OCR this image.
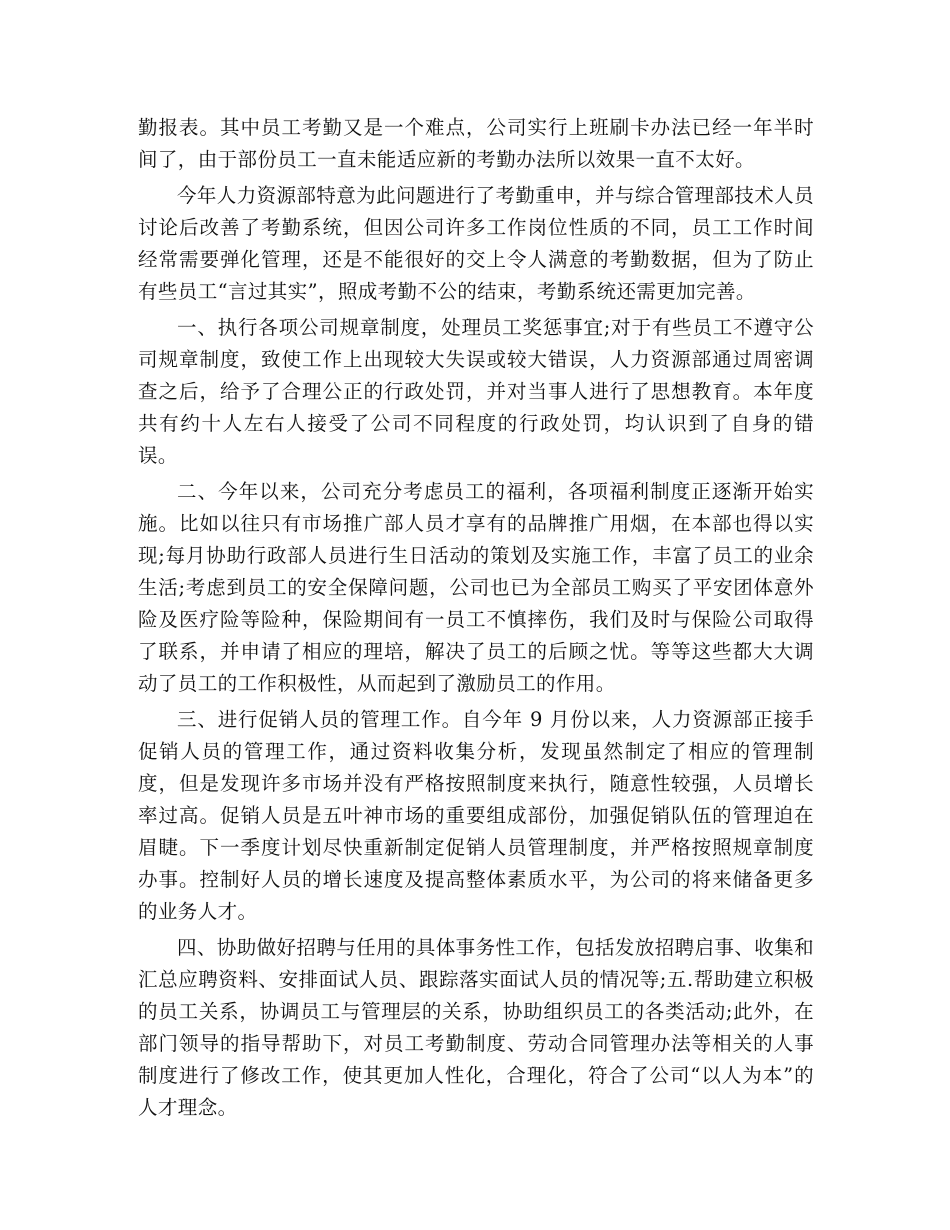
勤报表。其中员工考勤又是一个难点，公司实行上班刷卡办法已经一年半时间了，由于部份员工一直未能适应新的考勤办法所以效果一直不太好。

今年人力资源部特意为此问题进行了考勤重申，并与综合管理部技术人员讨论后改善了考勤系统，但因公司许多工作岗位性质的不同，员工工作时间经常需要弹化管理，还是不能很好的交上令人满意的考勤数据，但为了防止有些员工“言过其实”，照成考勤不公的结束，考勤系统还需更加完善。

一、执行各项公司规章制度，处理员工奖惩事宜;对于有些员工不遵守公司规章制度，致使工作上出现较大失误或较大错误，人力资源部通过周密调查之后，给予了合理公正的行政处罚，并对当事人进行了思想教育。本年度共有约十人左右人接受了公司不同程度的行政处罚，均认识到了自身的错误。

二、今年以来，公司充分考虑员工的福利，各项福利制度正逐渐开始实施。比如以往只有市场推广部人员才享有的品牌推广用烟，在本部也得以实现;每月协助行政部人员进行生日活动的策划及实施工作，丰富了员工的业余生活;考虑到员工的安全保障问题，公司也已为全部员工购买了平安团体意外险及医疗险等险种，保险期间有一员工不慎摔伤，我们及时与保险公司取得了联系，并申请了相应的理培，解决了员工的后顾之忧。等等这些都大大调动了员工的工作积极性，从而起到了激励员工的作用。

三、进行促销人员的管理工作。自今年 9 月份以来，人力资源部正接手促销人员的管理工作，通过资料收集分析，发现虽然制定了相应的管理制度，但是发现许多市场并没有严格按照制度来执行，随意性较强，人员增长率过高。促销人员是五叶神市场的重要组成部份，加强促销队伍的管理迫在眉睫。下一季度计划尽快重新制定促销人员管理制度，并严格按照规章制度办事。控制好人员的增长速度及提高整体素质水平，为公司的将来储备更多的业务人才。

四、协助做好招聘与任用的具体事务性工作，包括发放招聘启事、收集和汇总应聘资料、安排面试人员、跟踪落实面试人员的情况等;五.帮助建立积极的员工关系，协调员工与管理层的关系，协助组织员工的各类活动;此外，在部门领导的指导帮助下，对员工考勤制度、劳动合同管理办法等相关的人事制度进行了修改工作，使其更加人性化，合理化，符合了公司“以人为本”的人才理念。
